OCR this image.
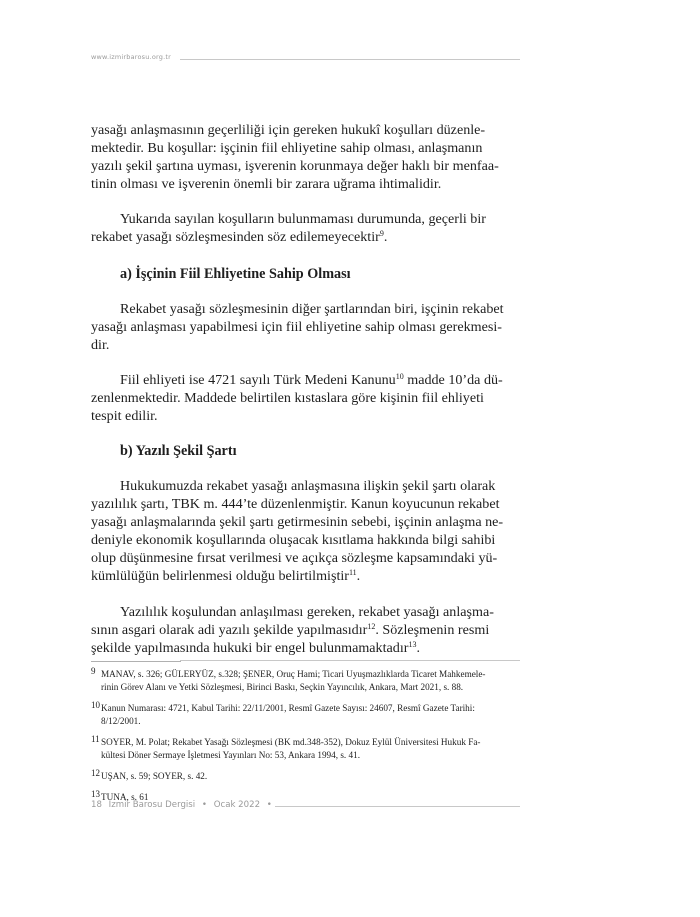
www.izmirbarosu.org.tr

yasağı anlaşmasının geçerliliği için gereken hukukî koşulları düzenle-
mektedir. Bu koşullar: işçinin fiil ehliyetine sahip olması, anlaşmanın
yazılı şekil şartına uyması, işverenin korunmaya değer haklı bir menfaa-
tinin olması ve işverenin önemli bir zarara uğrama ihtimalidir.

Yukarıda sayılan koşulların bulunmaması durumunda, geçerli bir
rekabet yasağı sözleşmesinden söz edilemeyecektir$^9$.

a) İşçinin Fiil Ehliyetine Sahip Olması

Rekabet yasağı sözleşmesinin diğer şartlarından biri, işçinin rekabet
yasağı anlaşması yapabilmesi için fiil ehliyetine sahip olması gerekmesi-
dir.

Fiil ehliyeti ise 4721 sayılı Türk Medeni Kanunu$^{10}$ madde 10’da dü-
zenlenmektedir. Maddede belirtilen kıstaslara göre kişinin fiil ehliyeti
tespit edilir.

b) Yazılı Şekil Şartı

Hukukumuzda rekabet yasağı anlaşmasına ilişkin şekil şartı olarak
yazılılık şartı, TBK m. 444’te düzenlenmiştir. Kanun koyucunun rekabet
yasağı anlaşmalarında şekil şartı getirmesinin sebebi, işçinin anlaşma ne-
deniyle ekonomik koşullarında oluşacak kısıtlama hakkında bilgi sahibi
olup düşünmesine fırsat verilmesi ve açıkça sözleşme kapsamındaki yü-
kümlülüğün belirlenmesi olduğu belirtilmiştir$^{11}$.

Yazılılık koşulundan anlaşılması gereken, rekabet yasağı anlaşma-
sının asgari olarak adi yazılı şekilde yapılmasıdır$^{12}$. Sözleşmenin resmi
şekilde yapılmasında hukuki bir engel bulunmamaktadır$^{13}$.

9 MANAV, s. 326; GÜLERYÜZ, s.328; ŞENER, Oruç Hami; Ticari Uyuşmazlıklarda Ticaret Mahkemele-
rinin Görev Alanı ve Yetki Sözleşmesi, Birinci Baskı, Seçkin Yayıncılık, Ankara, Mart 2021, s. 88.
10 Kanun Numarası: 4721, Kabul Tarihi: 22/11/2001, Resmî Gazete Sayısı: 24607, Resmî Gazete Tarihi:
8/12/2001.
11 SOYER, M. Polat; Rekabet Yasağı Sözleşmesi (BK md.348-352), Dokuz Eylül Üniversitesi Hukuk Fa-
kültesi Döner Sermaye İşletmesi Yayınları No: 53, Ankara 1994, s. 41.
12 UŞAN, s. 59; SOYER, s. 42.
13 TUNA, s. 61
18 İzmir Barosu Dergisi • Ocak 2022 •
